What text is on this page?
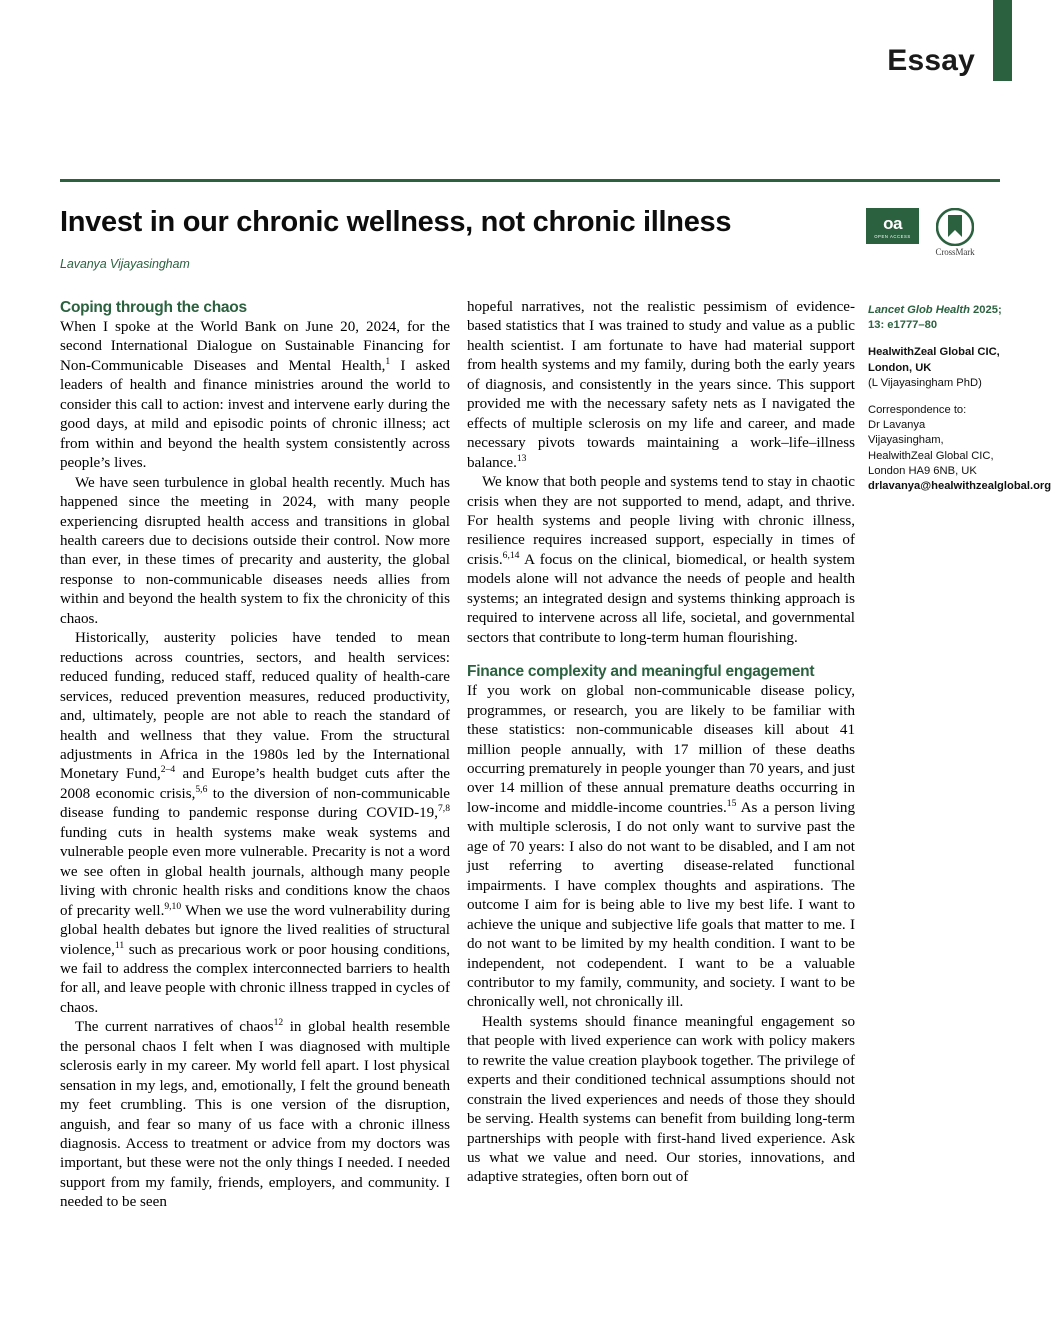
Essay
Invest in our chronic wellness, not chronic illness
Lavanya Vijayasingham
oa
OPEN ACCESS
CrossMark
Coping through the chaos

When I spoke at the World Bank on June 20, 2024, for the second International Dialogue on Sustainable Financing for Non-Communicable Diseases and Mental Health,$^1$ I asked leaders of health and finance ministries around the world to consider this call to action: invest and intervene early during the good days, at mild and episodic points of chronic illness; act from within and beyond the health system consistently across people’s lives.

We have seen turbulence in global health recently. Much has happened since the meeting in 2024, with many people experiencing disrupted health access and transitions in global health careers due to decisions outside their control. Now more than ever, in these times of precarity and austerity, the global response to non-communicable diseases needs allies from within and beyond the health system to fix the chronicity of this chaos.

Historically, austerity policies have tended to mean reductions across countries, sectors, and health services: reduced funding, reduced staff, reduced quality of health-care services, reduced prevention measures, reduced productivity, and, ultimately, people are not able to reach the standard of health and wellness that they value. From the structural adjustments in Africa in the 1980s led by the International Monetary Fund,$^{2-4}$ and Europe’s health budget cuts after the 2008 economic crisis,$^{5,6}$ to the diversion of non-communicable disease funding to pandemic response during COVID-19,$^{7,8}$ funding cuts in health systems make weak systems and vulnerable people even more vulnerable. Precarity is not a word we see often in global health journals, although many people living with chronic health risks and conditions know the chaos of precarity well.$^{9,10}$ When we use the word vulnerability during global health debates but ignore the lived realities of structural violence,$^{11}$ such as precarious work or poor housing conditions, we fail to address the complex interconnected barriers to health for all, and leave people with chronic illness trapped in cycles of chaos.

The current narratives of chaos$^{12}$ in global health resemble the personal chaos I felt when I was diagnosed with multiple sclerosis early in my career. My world fell apart. I lost physical sensation in my legs, and, emotionally, I felt the ground beneath my feet crumbling. This is one version of the disruption, anguish, and fear so many of us face with a chronic illness diagnosis. Access to treatment or advice from my doctors was important, but these were not the only things I needed. I needed support from my family, friends, employers, and community. I needed to be seen

hopeful narratives, not the realistic pessimism of evidence-based statistics that I was trained to study and value as a public health scientist. I am fortunate to have had material support from health systems and my family, during both the early years of diagnosis, and consistently in the years since. This support provided me with the necessary safety nets as I navigated the effects of multiple sclerosis on my life and career, and made necessary pivots towards maintaining a work–life–illness balance.$^{13}$

We know that both people and systems tend to stay in chaotic crisis when they are not supported to mend, adapt, and thrive. For health systems and people living with chronic illness, resilience requires increased support, especially in times of crisis.$^{6,14}$ A focus on the clinical, biomedical, or health system models alone will not advance the needs of people and health systems; an integrated design and systems thinking approach is required to intervene across all life, societal, and governmental sectors that contribute to long-term human flourishing.

Finance complexity and meaningful engagement

If you work on global non-communicable disease policy, programmes, or research, you are likely to be familiar with these statistics: non-communicable diseases kill about 41 million people annually, with 17 million of these deaths occurring prematurely in people younger than 70 years, and just over 14 million of these annual premature deaths occurring in low-income and middle-income countries.$^{15}$ As a person living with multiple sclerosis, I do not only want to survive past the age of 70 years: I also do not want to be disabled, and I am not just referring to averting disease-related functional impairments. I have complex thoughts and aspirations. The outcome I aim for is being able to live my best life. I want to achieve the unique and subjective life goals that matter to me. I do not want to be limited by my health condition. I want to be independent, not codependent. I want to be a valuable contributor to my family, community, and society. I want to be chronically well, not chronically ill.

Health systems should finance meaningful engagement so that people with lived experience can work with policy makers to rewrite the value creation playbook together. The privilege of experts and their conditioned technical assumptions should not constrain the lived experiences and needs of those they should be serving. Health systems can benefit from building long-term partnerships with people with first-hand lived experience. Ask us what we value and need. Our stories, innovations, and adaptive strategies, often born out of

Lancet Glob Health 2025;
13: e1777–80
HealwithZeal Global CIC, London, UK
(L Vijayasingham PhD)
Correspondence to:
Dr Lavanya Vijayasingham, HealwithZeal Global CIC, London HA9 6NB, UK
drlavanya@healwithzealglobal.org
